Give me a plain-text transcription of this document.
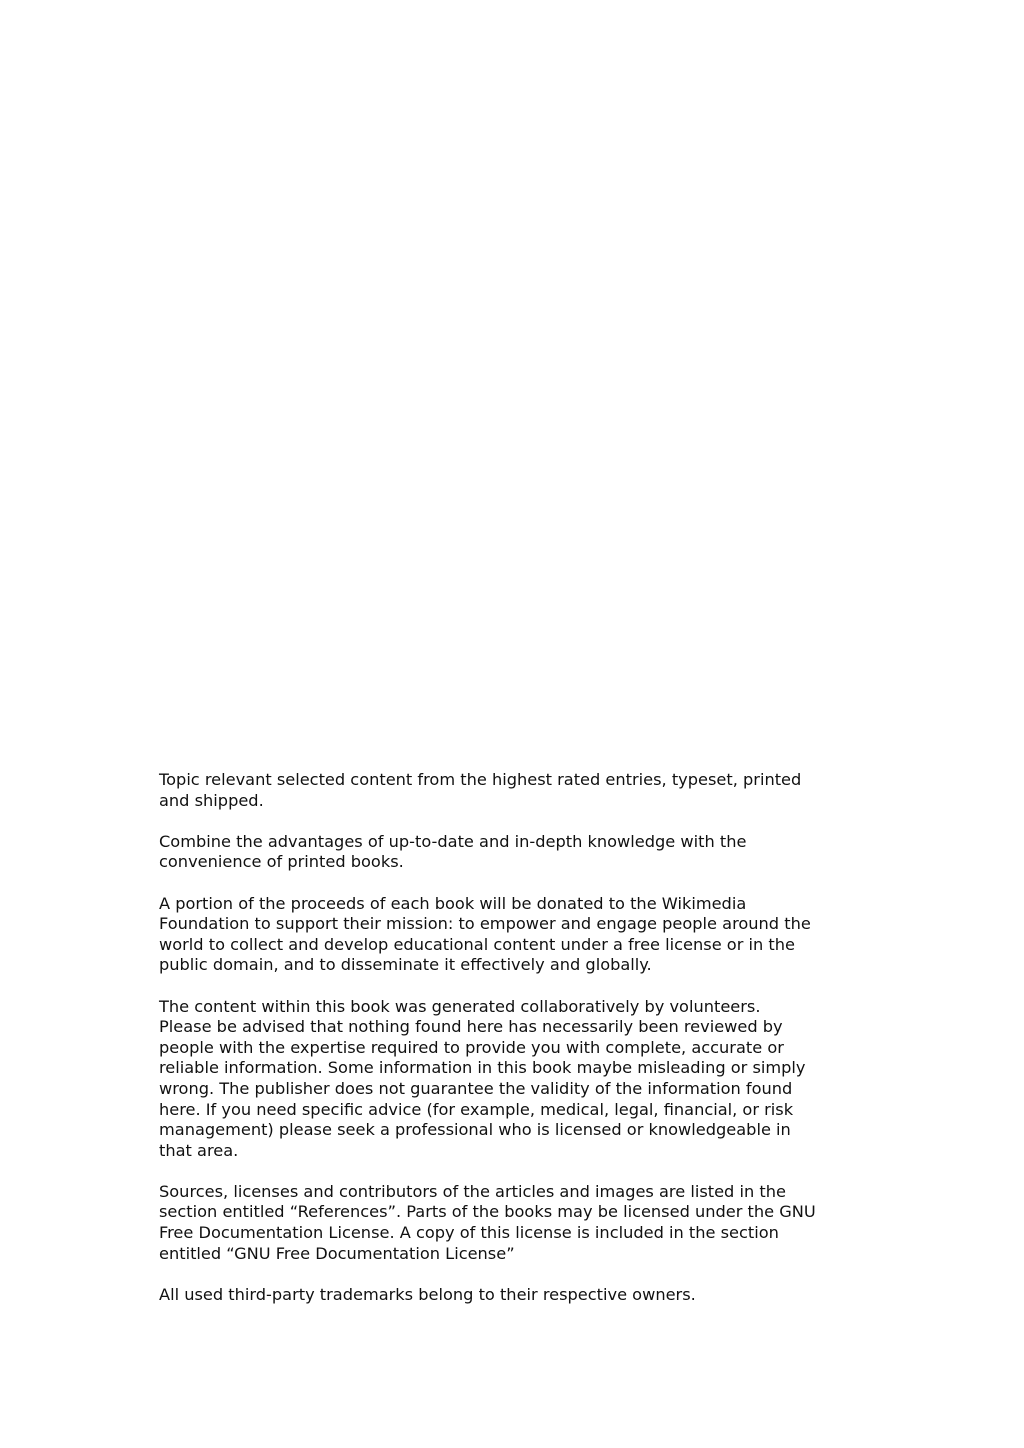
Topic relevant selected content from the highest rated entries, typeset, printed
and shipped.

Combine the advantages of up-to-date and in-depth knowledge with the
convenience of printed books.

A portion of the proceeds of each book will be donated to the Wikimedia
Foundation to support their mission: to empower and engage people around the
world to collect and develop educational content under a free license or in the
public domain, and to disseminate it effectively and globally.

The content within this book was generated collaboratively by volunteers.
Please be advised that nothing found here has necessarily been reviewed by
people with the expertise required to provide you with complete, accurate or
reliable information. Some information in this book maybe misleading or simply
wrong. The publisher does not guarantee the validity of the information found
here. If you need specific advice (for example, medical, legal, financial, or risk
management) please seek a professional who is licensed or knowledgeable in
that area.

Sources, licenses and contributors of the articles and images are listed in the
section entitled “References”. Parts of the books may be licensed under the GNU
Free Documentation License. A copy of this license is included in the section
entitled “GNU Free Documentation License”

All used third-party trademarks belong to their respective owners.
